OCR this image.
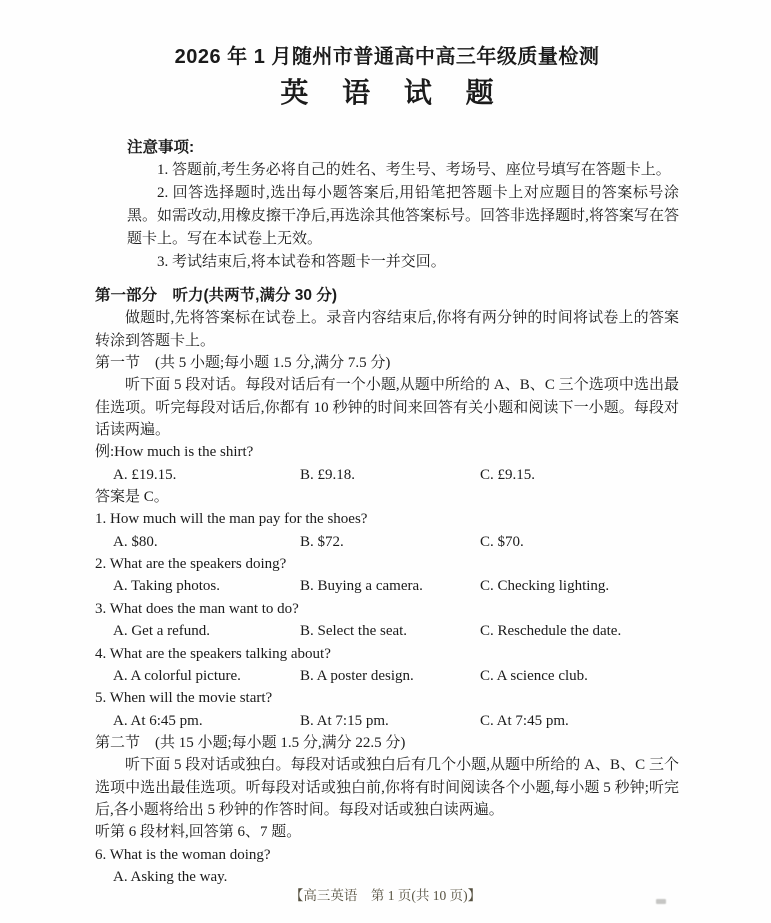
2026 年 1 月随州市普通高中高三年级质量检测
英 语 试 题
注意事项:

1. 答题前,考生务必将自己的姓名、考生号、考场号、座位号填写在答题卡上。

2. 回答选择题时,选出每小题答案后,用铅笔把答题卡上对应题目的答案标号涂黑。如需改动,用橡皮擦干净后,再选涂其他答案标号。回答非选择题时,将答案写在答题卡上。写在本试卷上无效。

3. 考试结束后,将本试卷和答题卡一并交回。

第一部分　听力(共两节,满分 30 分)

做题时,先将答案标在试卷上。录音内容结束后,你将有两分钟的时间将试卷上的答案转涂到答题卡上。

第一节　(共 5 小题;每小题 1.5 分,满分 7.5 分)

听下面 5 段对话。每段对话后有一个小题,从题中所给的 A、B、C 三个选项中选出最佳选项。听完每段对话后,你都有 10 秒钟的时间来回答有关小题和阅读下一小题。每段对话读两遍。

例:How much is the shirt?
A. £19.15.	B. £9.18.	C. £9.15.
答案是 C。
1. How much will the man pay for the shoes?
A. $80.	B. $72.	C. $70.
2. What are the speakers doing?
A. Taking photos.	B. Buying a camera.	C. Checking lighting.
3. What does the man want to do?
A. Get a refund.	B. Select the seat.	C. Reschedule the date.
4. What are the speakers talking about?
A. A colorful picture.	B. A poster design.	C. A science club.
5. When will the movie start?
A. At 6:45 pm.	B. At 7:15 pm.	C. At 7:45 pm.
第二节　(共 15 小题;每小题 1.5 分,满分 22.5 分)

听下面 5 段对话或独白。每段对话或独白后有几个小题,从题中所给的 A、B、C 三个选项中选出最佳选项。听每段对话或独白前,你将有时间阅读各个小题,每小题 5 秒钟;听完后,各小题将给出 5 秒钟的作答时间。每段对话或独白读两遍。

听第 6 段材料,回答第 6、7 题。
6. What is the woman doing?
A. Asking the way.
【高三英语　第 1 页(共 10 页)】
